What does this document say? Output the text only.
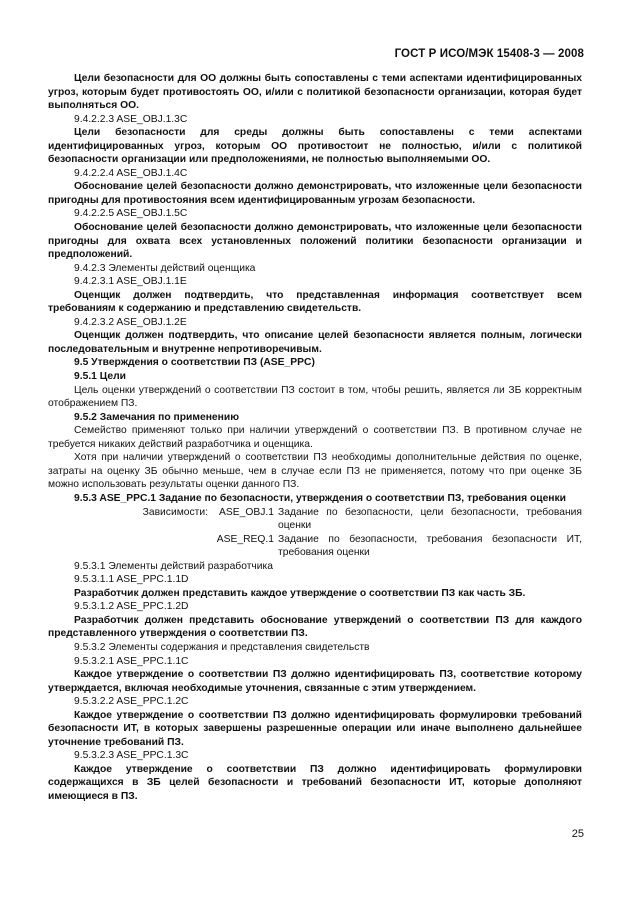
ГОСТ Р ИСО/МЭК 15408-3 — 2008

Цели безопасности для ОО должны быть сопоставлены с теми аспектами идентифицированных угроз, которым будет противостоять ОО, и/или с политикой безопасности организации, которая будет выполняться ОО.

9.4.2.2.3 ASE_OBJ.1.3C

Цели безопасности для среды должны быть сопоставлены с теми аспектами идентифицированных угроз, которым ОО противостоит не полностью, и/или с политикой безопасности организации или предположениями, не полностью выполняемыми ОО.

9.4.2.2.4 ASE_OBJ.1.4C

Обоснование целей безопасности должно демонстрировать, что изложенные цели безопасности пригодны для противостояния всем идентифицированным угрозам безопасности.

9.4.2.2.5 ASE_OBJ.1.5C

Обоснование целей безопасности должно демонстрировать, что изложенные цели безопасности пригодны для охвата всех установленных положений политики безопасности организации и предположений.

9.4.2.3 Элементы действий оценщика

9.4.2.3.1 ASE_OBJ.1.1E

Оценщик должен подтвердить, что представленная информация соответствует всем требованиям к содержанию и представлению свидетельств.

9.4.2.3.2 ASE_OBJ.1.2E

Оценщик должен подтвердить, что описание целей безопасности является полным, логически последовательным и внутренне непротиворечивым.

9.5 Утверждения о соответствии ПЗ (ASE_PPC)

9.5.1 Цели

Цель оценки утверждений о соответствии ПЗ состоит в том, чтобы решить, является ли ЗБ корректным отображением ПЗ.

9.5.2 Замечания по применению

Семейство применяют только при наличии утверждений о соответствии ПЗ. В противном случае не требуется никаких действий разработчика и оценщика.

Хотя при наличии утверждений о соответствии ПЗ необходимы дополнительные действия по оценке, затраты на оценку ЗБ обычно меньше, чем в случае если ПЗ не применяется, потому что при оценке ЗБ можно использовать результаты оценки данного ПЗ.

9.5.3 ASE_PPC.1 Задание по безопасности, утверждения о соответствии ПЗ, требования оценки

Зависимости:	ASE_OBJ.1 Задание по безопасности, цели безопасности, требования оценки
ASE_REQ.1 Задание по безопасности, требования безопасности ИТ, требования оценки

9.5.3.1 Элементы действий разработчика

9.5.3.1.1 ASE_PPC.1.1D

Разработчик должен представить каждое утверждение о соответствии ПЗ как часть ЗБ.

9.5.3.1.2 ASE_PPC.1.2D

Разработчик должен представить обоснование утверждений о соответствии ПЗ для каждого представленного утверждения о соответствии ПЗ.

9.5.3.2 Элементы содержания и представления свидетельств

9.5.3.2.1 ASE_PPC.1.1C

Каждое утверждение о соответствии ПЗ должно идентифицировать ПЗ, соответствие которому утверждается, включая необходимые уточнения, связанные с этим утверждением.

9.5.3.2.2 ASE_PPC.1.2C

Каждое утверждение о соответствии ПЗ должно идентифицировать формулировки требований безопасности ИТ, в которых завершены разрешенные операции или иначе выполнено дальнейшее уточнение требований ПЗ.

9.5.3.2.3 ASE_PPC.1.3C

Каждое утверждение о соответствии ПЗ должно идентифицировать формулировки содержащихся в ЗБ целей безопасности и требований безопасности ИТ, которые дополняют имеющиеся в ПЗ.

25
